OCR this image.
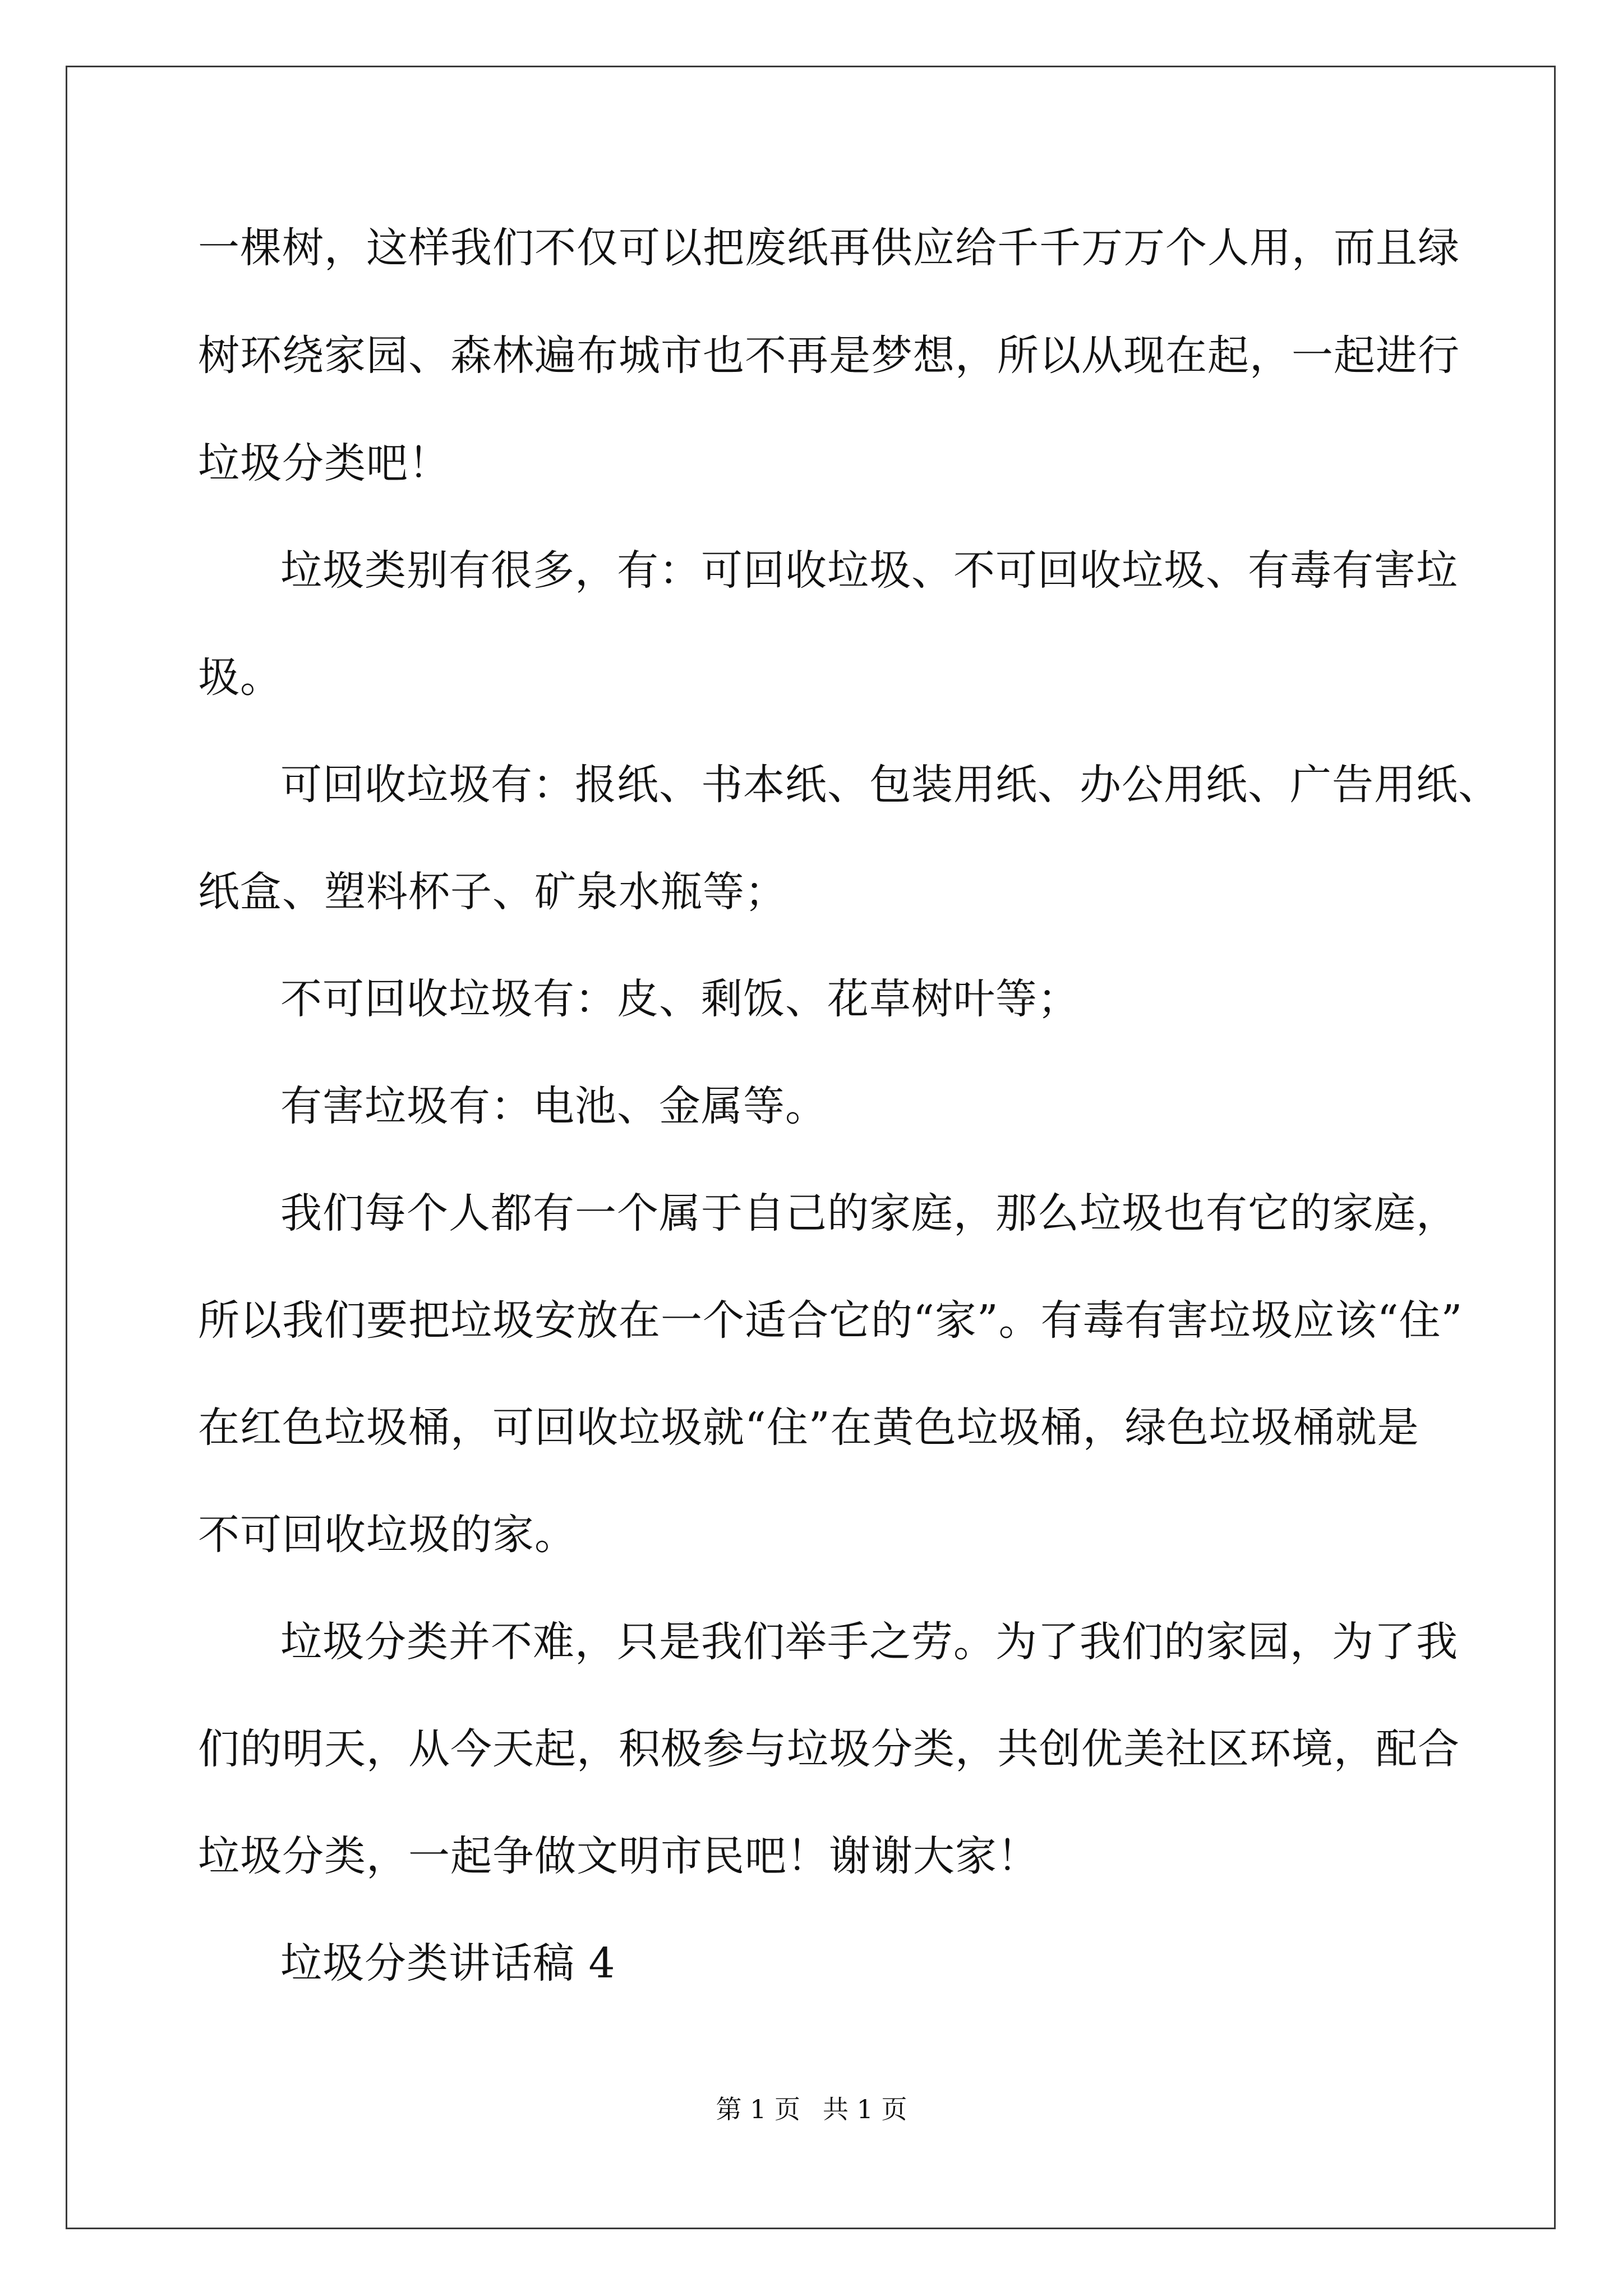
一棵树，这样我们不仅可以把废纸再供应给千千万万个人用，而且绿
树环绕家园、森林遍布城市也不再是梦想，所以从现在起，一起进行
垃圾分类吧！
垃圾类别有很多，有：可回收垃圾、不可回收垃圾、有毒有害垃
圾。
可回收垃圾有：报纸、书本纸、包装用纸、办公用纸、广告用纸、
纸盒、塑料杯子、矿泉水瓶等；
不可回收垃圾有：皮、剩饭、花草树叶等；
有害垃圾有：电池、金属等。
我们每个人都有一个属于自己的家庭，那么垃圾也有它的家庭，
所以我们要把垃圾安放在一个适合它的“家”。有毒有害垃圾应该“住”
在红色垃圾桶，可回收垃圾就“住”在黄色垃圾桶，绿色垃圾桶就是
不可回收垃圾的家。
垃圾分类并不难，只是我们举手之劳。为了我们的家园，为了我
们的明天，从今天起，积极参与垃圾分类，共创优美社区环境，配合
垃圾分类，一起争做文明市民吧！谢谢大家！
垃圾分类讲话稿 4
第 1 页 共 1 页
